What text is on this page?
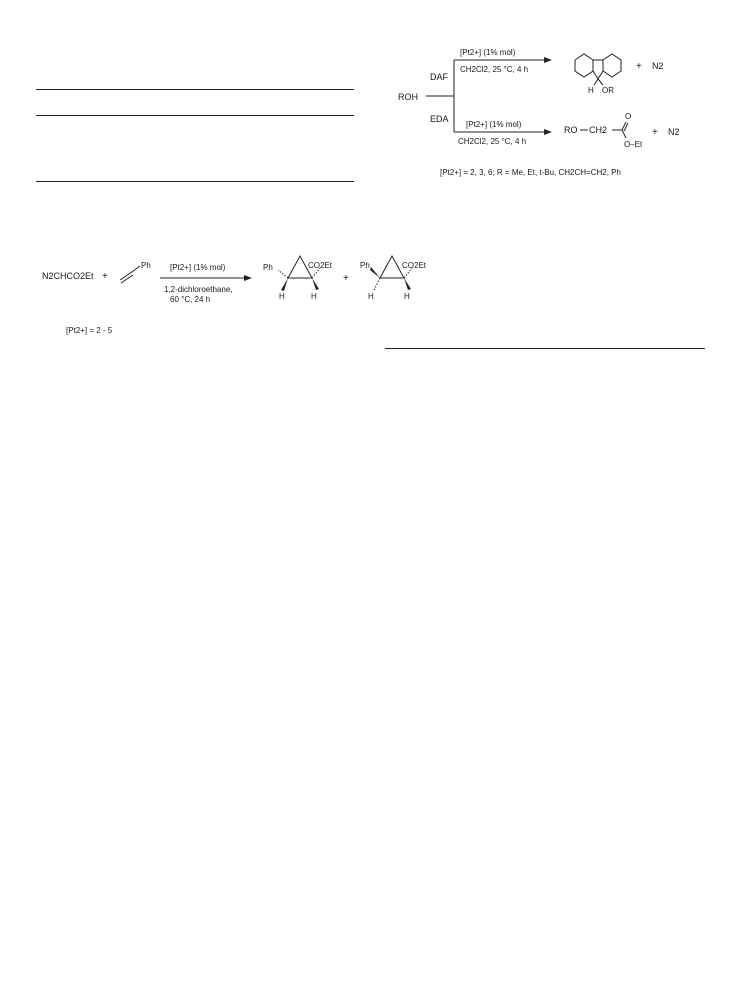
N2CHCO2Et +
Ph [Pt2+] (1% mol)
1,2-dichloroethane,
60 °C, 24 h
Ph	CO2Et
H	H
+
Ph	CO2Et
H	H
[Pt2+] = 2 - 5
ROH
DAF
EDA
[Pt2+] (1% mol)
CH2Cl2, 25 °C, 4 h
H OR
+ N2
[Pt2+] (1% mol)
CH2Cl2, 25 °C, 4 h
RO CH2
O
O–Et
+ N2
[Pt2+] = 2, 3, 6; R = Me, Et, t-Bu, CH2CH=CH2, Ph
